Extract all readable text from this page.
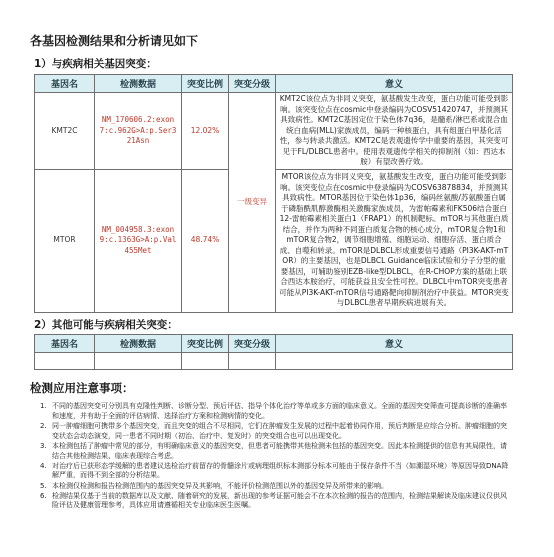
各基因检测结果和分析请见如下
1）与疾病相关基因突变：
基因名	检测数据	突变比例	突变分级	意义
KMT2C	NM_170606.2:exon7:c.962G>A:p.Ser321Asn	12.02%	一级变异	KMT2C该位点为非同义突变，氨基酸发生改变，蛋白功能可能受到影响。该突变位点在cosmic中登录编码为COSV51420747，并预测其具致病性。KMT2C基因定位于染色体7q36，是髓系/淋巴系或混合血统白血病(MLL)家族成员，编码一种核蛋白，具有组蛋白甲基化活性，参与转录共激活。KMT2C是表观遗传学中重要的基因，其突变可见于FL/DLBCL患者中。使用表观遗传学相关的抑制剂（如：西达本胺）有望改善疗效。
MTOR	NM_004958.3:exon9:c.1363G>A:p.Val455Met	48.74%		MTOR该位点为非同义突变，氨基酸发生改变，蛋白功能可能受到影响。该突变位点在cosmic中登录编码为COSV63878834，并预测其具致病性。MTOR基因位于染色体1p36，编码丝氨酸/苏氨酸蛋白属于磷脂酰肌醇激酶相关激酶家族成员，为雷帕霉素和FK506结合蛋白12-雷帕霉素相关蛋白1（FRAP1）的机制靶标。mTOR与其他蛋白质结合，并作为两种不同蛋白质复合物的核心成分，mTOR复合物1和mTOR复合物2，调节细胞增殖、细胞运动、细胞存活、蛋白质合成、自噬和转录。mTOR是DLBCL形成重要信号通路（PI3K-AKT-mTOR）的主要基因，也是DLBCL Guidance临床试验和分子分型的重要基因，可辅助鉴别EZB-like型DLBCL，在R-CHOP方案的基础上联合西达本胺治疗，可能获益且安全性可控。DLBCL中mTOR突变患者可能从PI3K-AKT-mTOR信号通路靶向抑制剂治疗中获益。MTOR突变与DLBCL患者早期疾病进展有关。
2）其他可能与疾病相关突变：
基因名	检测数据	突变比例	突变分级	意义

检测应用注意事项：
1. 不同的基因突变可分别具有克隆性判断、诊断分型、预后评估、指导个体化治疗等单或多方面的临床意义。全面的基因突变筛查可提高诊断的准确率和速度，并有助于全面的评估病情、选择治疗方案和检测病情的变化。
2. 同一肿瘤细胞可携带多个基因突变，而且突变的组合不尽相同，它们在肿瘤发生发展的过程中起着协同作用，预后判断是应综合分析。肿瘤细胞的突变状态会动态演变，同一患者不同时期（初治、治疗中、复发时）的突变组合也可以出现变化。
3. 本检测包括了肿瘤中常见的部分，有明确临床意义的基因突变，但患者可能携带其他检测未包括的基因突变。因此本检测提供的信息有其局限性，请结合其他检测结果、临床表现综合考虑。
4. 对治疗后已获形态学缓解的患者建议选检治疗前留存的骨髓涂片或病理组织标本测部分标本可能由于保存条件不当（如潮湿环境）等原因导致DNA降解严重，而得不到全部的分析结果。
5. 本检测仅检测和报告检测范围内的基因突变异及其影响，不能评价检测范围以外的基因变异及所带来的影响。
6. 检测结果仅基于当前的数据库以及文献、随着研究的发展，新出现的参考证据可能会不在本次检测的报告的范围内，检测结果解读及临床建议仅供风险评估及健康管理参考，具体应用请遵循相关专业临床医生医嘱。
